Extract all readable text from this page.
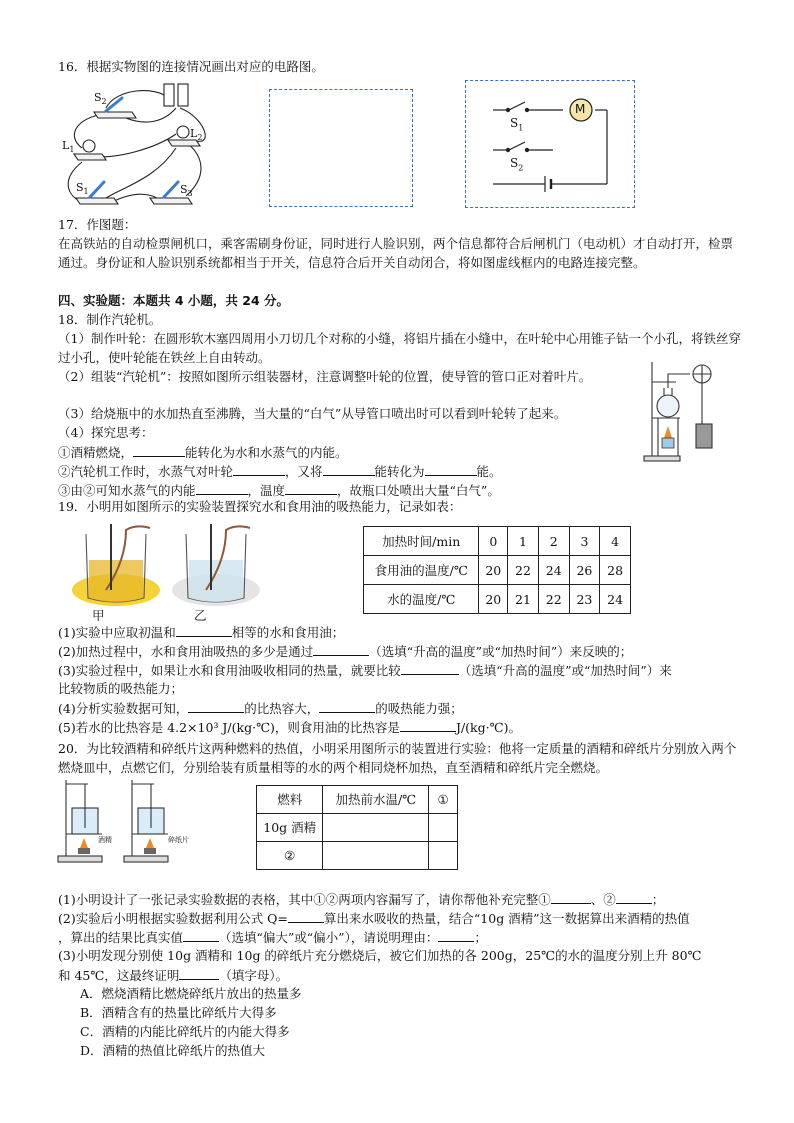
16．根据实物图的连接情况画出对应的电路图。
$S_2$
$L_1$
$L_2$
$S_1$	$S_3$
M
$S_1$
$S_2$
17．作图题：
在高铁站的自动检票闸机口，乘客需刷身份证，同时进行人脸识别，两个信息都符合后闸机门（电动机）才自动打开，检票通过。身份证和人脸识别系统都相当于开关，信息符合后开关自动闭合，将如图虚线框内的电路连接完整。
四、实验题：本题共 4 小题，共 24 分。
18．制作汽轮机。
（1）制作叶轮：在圆形软木塞四周用小刀切几个对称的小缝，将铝片插在小缝中，在叶轮中心用锥子钻一个小孔，将铁丝穿过小孔，使叶轮能在铁丝上自由转动。
（2）组装“汽轮机”：按照如图所示组装器材，注意调整叶轮的位置，使导管的管口正对着叶片。
（3）给烧瓶中的水加热直至沸腾，当大量的“白气”从导管口喷出时可以看到叶轮转了起来。
（4）探究思考：
①酒精燃烧，	能转化为水和水蒸气的内能。
②汽轮机工作时，水蒸气对叶轮	，又将	能转化为	能。
③由②可知水蒸气的内能	，温度	，故瓶口处喷出大量“白气”。
19．小明用如图所示的实验装置探究水和食用油的吸热能力，记录如表：
甲	乙
加热时间/min	0	1	2	3	4
食用油的温度/℃	20	22	24	26	28
水的温度/℃	20	21	22	23	24
(1)实验中应取初温和	相等的水和食用油；
(2)加热过程中，水和食用油吸热的多少是通过	（选填“升高的温度”或“加热时间”）来反映的；
(3)实验过程中，如果让水和食用油吸收相同的热量，就要比较	（选填“升高的温度”或“加热时间”）来
比较物质的吸热能力；
(4)分析实验数据可知，	的比热容大，	的吸热能力强；
(5)若水的比热容是 4.2×10³ J/(kg·℃)，则食用油的比热容是	J/(kg·℃)。
20．为比较酒精和碎纸片这两种燃料的热值，小明采用图所示的装置进行实验：他将一定质量的酒精和碎纸片分别放入两个燃烧皿中，点燃它们，分别给装有质量相等的水的两个相同烧杯加热，直至酒精和碎纸片完全燃烧。
酒精	碎纸片
燃料	加热前水温/℃	①
10g 酒精		
②		
(1)小明设计了一张记录实验数据的表格，其中①②两项内容漏写了，请你帮他补充完整①	、②	；
(2)实验后小明根据实验数据利用公式 Q=	算出来水吸收的热量，结合“10g 酒精”这一数据算出来酒精的热值
，算出的结果比真实值	（选填“偏大”或“偏小”），请说明理由：	；
(3)小明发现分别使 10g 酒精和 10g 的碎纸片充分燃烧后，被它们加热的各 200g，25℃的水的温度分别上升 80℃
和 45℃，这最终证明	（填字母）。
A．燃烧酒精比燃烧碎纸片放出的热量多
B．酒精含有的热量比碎纸片大得多
C．酒精的内能比碎纸片的内能大得多
D．酒精的热值比碎纸片的热值大
